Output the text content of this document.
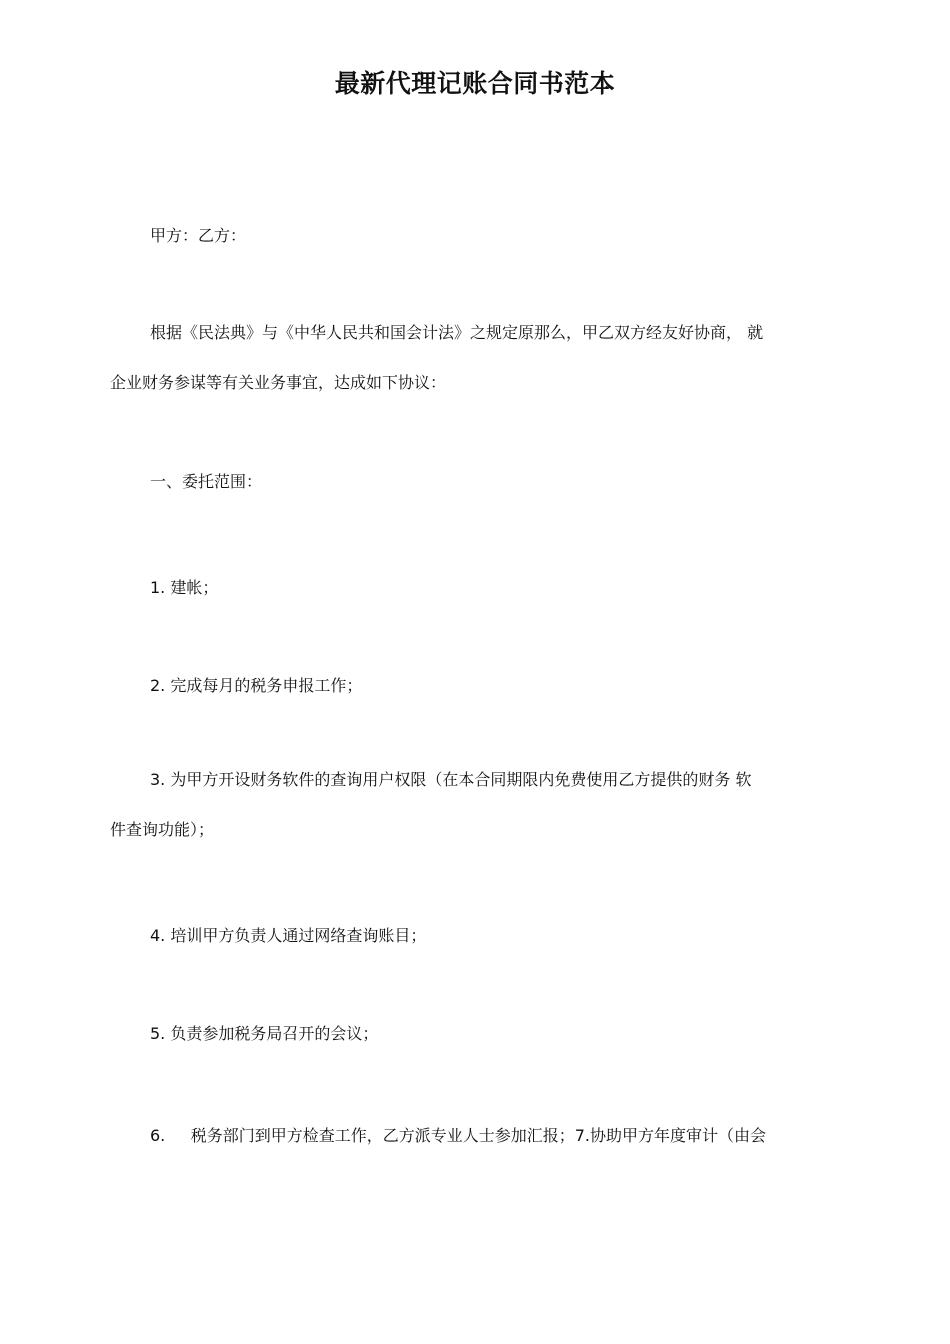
最新代理记账合同书范本
甲方：乙方：
根据《民法典》与《中华人民共和国会计法》之规定原那么，甲乙双方经友好协商， 就
企业财务参谋等有关业务事宜，达成如下协议：
一、委托范围：
1. 建帐；
2. 完成每月的税务申报工作；
3. 为甲方开设财务软件的查询用户权限（在本合同期限内免费使用乙方提供的财务 软
件查询功能）；
4. 培训甲方负责人通过网络查询账目；
5. 负责参加税务局召开的会议；
6.     税务部门到甲方检查工作，乙方派专业人士参加汇报；7.协助甲方年度审计（由会
